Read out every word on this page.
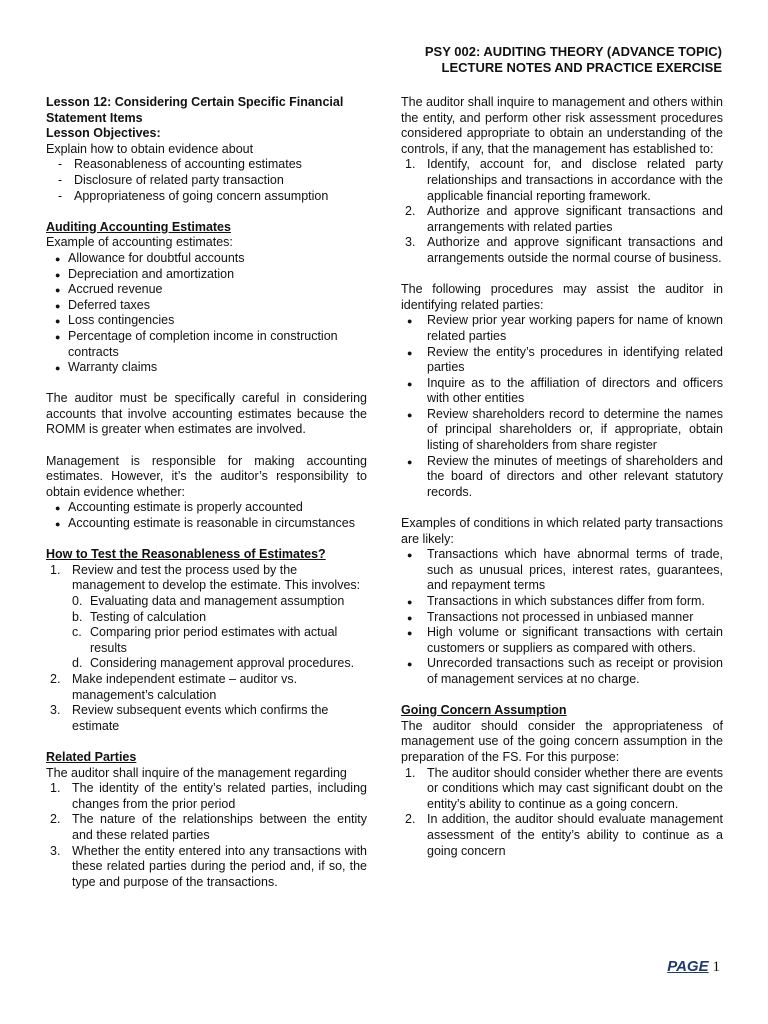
PSY 002: AUDITING THEORY (ADVANCE TOPIC)
LECTURE NOTES AND PRACTICE EXERCISE

Lesson 12: Considering Certain Specific Financial Statement Items

Lesson Objectives:

Explain how to obtain evidence about

- Reasonableness of accounting estimates
- Disclosure of related party transaction
- Appropriateness of going concern assumption

Auditing Accounting Estimates

Example of accounting estimates:

● Allowance for doubtful accounts
● Depreciation and amortization
● Accrued revenue
● Deferred taxes
● Loss contingencies
● Percentage of completion income in construction contracts
● Warranty claims

The auditor must be specifically careful in considering accounts that involve accounting estimates because the ROMM is greater when estimates are involved.

Management is responsible for making accounting estimates. However, it’s the auditor’s responsibility to obtain evidence whether:

● Accounting estimate is properly accounted
● Accounting estimate is reasonable in circumstances

How to Test the Reasonableness of Estimates?

1. Review and test the process used by the management to develop the estimate. This involves:
0. Evaluating data and management assumption
b. Testing of calculation
c. Comparing prior period estimates with actual results
d. Considering management approval procedures.
2. Make independent estimate – auditor vs. management’s calculation
3. Review subsequent events which confirms the estimate

Related Parties

The auditor shall inquire of the management regarding

1. The identity of the entity’s related parties, including changes from the prior period
2. The nature of the relationships between the entity and these related parties
3. Whether the entity entered into any transactions with these related parties during the period and, if so, the type and purpose of the transactions.

The auditor shall inquire to management and others within the entity, and perform other risk assessment procedures considered appropriate to obtain an understanding of the controls, if any, that the management has established to:

1. Identify, account for, and disclose related party relationships and transactions in accordance with the applicable financial reporting framework.
2. Authorize and approve significant transactions and arrangements with related parties
3. Authorize and approve significant transactions and arrangements outside the normal course of business.

The following procedures may assist the auditor in identifying related parties:

● Review prior year working papers for name of known related parties
● Review the entity’s procedures in identifying related parties
● Inquire as to the affiliation of directors and officers with other entities
● Review shareholders record to determine the names of principal shareholders or, if appropriate, obtain listing of shareholders from share register
● Review the minutes of meetings of shareholders and the board of directors and other relevant statutory records.

Examples of conditions in which related party transactions are likely:

● Transactions which have abnormal terms of trade, such as unusual prices, interest rates, guarantees, and repayment terms
● Transactions in which substances differ from form.
● Transactions not processed in unbiased manner
● High volume or significant transactions with certain customers or suppliers as compared with others.
● Unrecorded transactions such as receipt or provision of management services at no charge.

Going Concern Assumption

The auditor should consider the appropriateness of management use of the going concern assumption in the preparation of the FS. For this purpose:

1. The auditor should consider whether there are events or conditions which may cast significant doubt on the entity’s ability to continue as a going concern.
2. In addition, the auditor should evaluate management assessment of the entity’s ability to continue as a going concern
PAGE 1
